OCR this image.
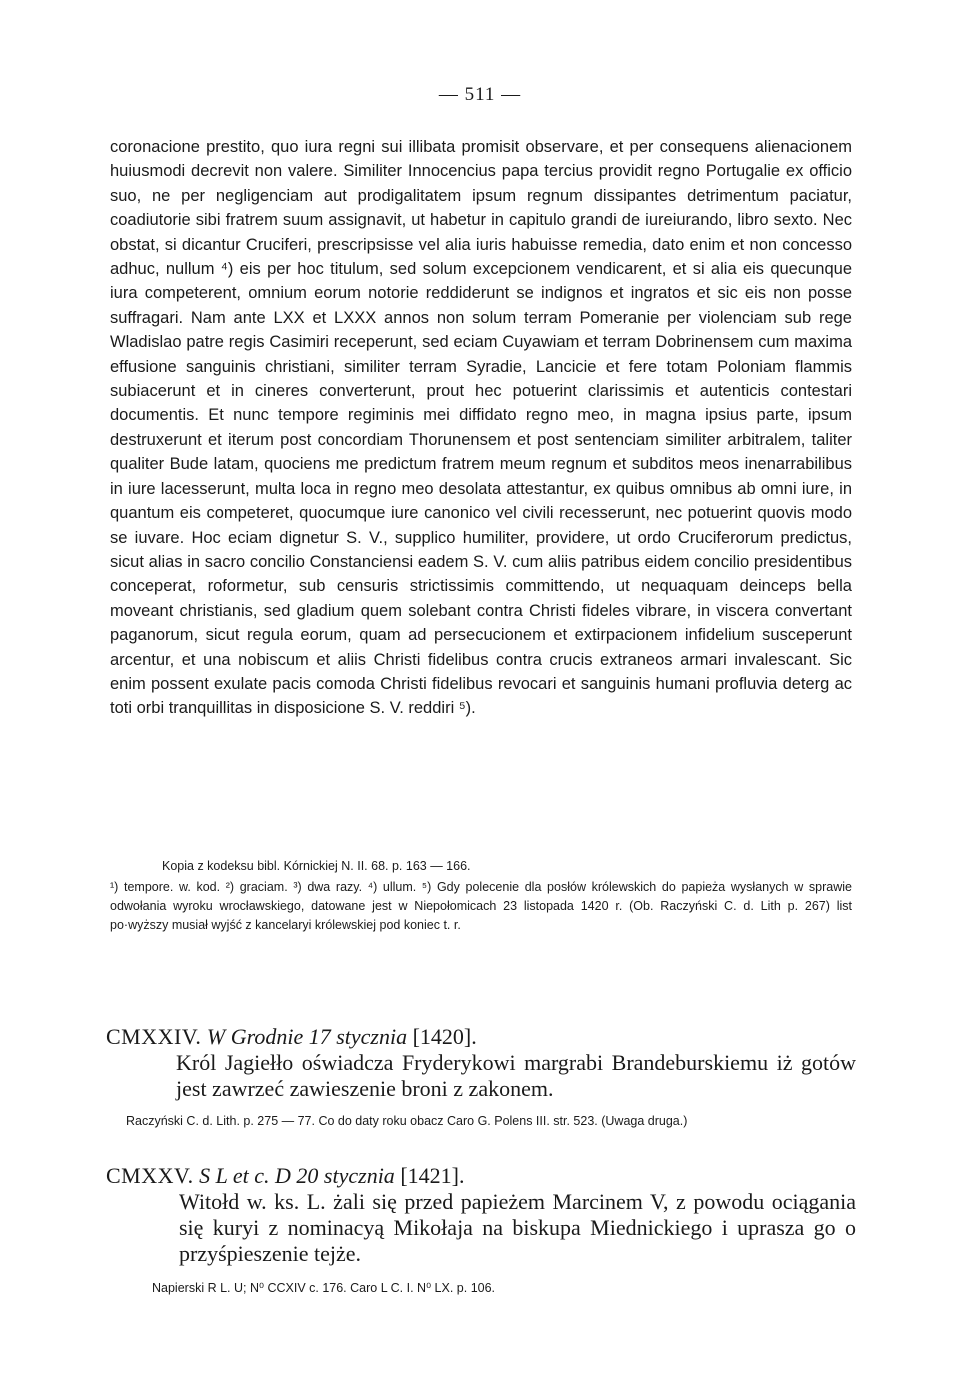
— 511 —

coronacione prestito, quo iura regni sui illibata promisit observare, et per consequens alienacionem huiusmodi decrevit non valere. Similiter Innocencius papa tercius providit regno Portugalie ex officio suo, ne per negligenciam aut prodigalitatem ipsum regnum dissipantes detrimentum paciatur, coadiutorie sibi fratrem suum assignavit, ut habetur in capitulo grandi de iureiurando, libro sexto. Nec obstat, si dicantur Cruciferi, prescripsisse vel alia iuris habuisse remedia, dato enim et non concesso adhuc, nullum ⁴) eis per hoc titulum, sed solum excepcionem vendicarent, et si alia eis quecunque iura competerent, omnium eorum notorie reddiderunt se indignos et ingratos et sic eis non posse suffragari. Nam ante LXX et LXXX annos non solum terram Pomeranie per violenciam sub rege Wladislao patre regis Casimiri receperunt, sed eciam Cuyawiam et terram Dobrinensem cum maxima effusione sanguinis christiani, similiter terram Syradie, Lancicie et fere totam Poloniam flammis subiacerunt et in cineres converterunt, prout hec potuerint clarissimis et autenticis contestari documentis. Et nunc tempore regiminis mei diffidato regno meo, in magna ipsius parte, ipsum destruxerunt et iterum post concordiam Thorunensem et post sentenciam similiter arbitralem, taliter qualiter Bude latam, quociens me predictum fratrem meum regnum et subditos meos inenarrabilibus in iure lacesserunt, multa loca in regno meo desolata attestantur, ex quibus omnibus ab omni iure, in quantum eis competeret, quocumque iure canonico vel civili recesserunt, nec potuerint quovis modo se iuvare. Hoc eciam dignetur S. V., supplico humiliter, providere, ut ordo Cruciferorum predictus, sicut alias in sacro concilio Constanciensi eadem S. V. cum aliis patribus eidem concilio presidentibus conceperat, roformetur, sub censuris strictissimis committendo, ut nequaquam deinceps bella moveant christianis, sed gladium quem solebant contra Christi fideles vibrare, in viscera convertant paganorum, sicut regula eorum, quam ad persecucionem et extirpacionem infidelium susceperunt arcentur, et una nobiscum et aliis Christi fidelibus contra crucis extraneos armari invalescant. Sic enim possent exulate pacis comoda Christi fidelibus revocari et sanguinis humani profluvia deterg ac toti orbi tranquillitas in disposicione S. V. reddiri ⁵).

Kopia z kodeksu bibl. Kórnickiej N. II. 68. p. 163 — 166.

¹) tempore. w. kod. ²) graciam. ³) dwa razy. ⁴) ullum. ⁵) Gdy polecenie dla posłów królewskich do papieża wysłanych w sprawie odwołania wyroku wrocławskiego, datowane jest w Niepołomicach 23 listopada 1420 r. (Ob. Raczyński C. d. Lith p. 267) list po·wyższy musiał wyjść z kancelaryi królewskiej pod koniec t. r.

CMXXIV. W Grodnie 17 stycznia [1420].

Król Jagiełło oświadcza Fryderykowi margrabi Brandeburskiemu iż gotów jest zawrzeć zawieszenie broni z zakonem.

Raczyński C. d. Lith. p. 275 — 77. Co do daty roku obacz Caro G. Polens III. str. 523. (Uwaga druga.)

CMXXV. S L et c. D 20 stycznia [1421].

Witołd w. ks. L. żali się przed papieżem Marcinem V, z powodu ociągania się kuryi z nominacyą Mikołaja na biskupa Miednickiego i uprasza go o przyśpieszenie tejże.

Napierski R L. U; N⁰ CCXIV c. 176. Caro L C. I. N⁰ LX. p. 106.
